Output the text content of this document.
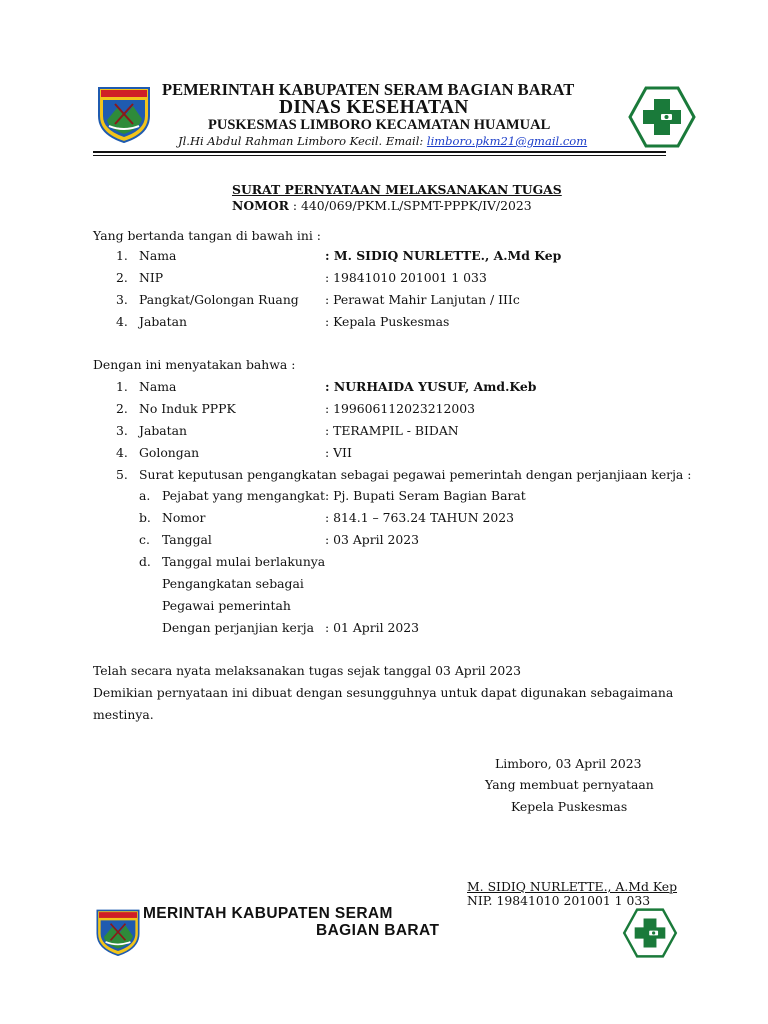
PEMERINTAH KABUPATEN SERAM BAGIAN BARAT
DINAS KESEHATAN
PUSKESMAS LIMBORO KECAMATAN HUAMUAL
Jl.Hi Abdul Rahman Limboro Kecil. Email: limboro.pkm21@gmail.com
SURAT PERNYATAAN MELAKSANAKAN TUGAS
NOMOR : 440/069/PKM.L/SPMT-PPPK/IV/2023
Yang bertanda tangan di bawah ini :
1. Nama	: M. SIDIQ NURLETTE., A.Md Kep
2. NIP	: 19841010 201001 1 033
3. Pangkat/Golongan Ruang : Perawat Mahir Lanjutan / IIIc
4. Jabatan	: Kepala Puskesmas
Dengan ini menyatakan bahwa :
1. Nama	: NURHAIDA YUSUF, Amd.Keb
2. No Induk PPPK	: 199606112023212003
3. Jabatan	: TERAMPIL - BIDAN
4. Golongan	: VII
5. Surat keputusan pengangkatan sebagai pegawai pemerintah dengan perjanjiaan kerja :
a. Pejabat yang mengangkat : Pj. Bupati Seram Bagian Barat
b. Nomor	: 814.1 – 763.24 TAHUN 2023
c. Tanggal	: 03 April 2023
d. Tanggal mulai berlakunya
Pengangkatan sebagai
Pegawai pemerintah
Dengan perjanjian kerja : 01 April 2023
Telah secara nyata melaksanakan tugas sejak tanggal 03 April 2023
Demikian pernyataan ini dibuat dengan sesungguhnya untuk dapat digunakan sebagaimana
mestinya.
Limboro, 03 April 2023
Yang membuat pernyataan
Kepela Puskesmas
M. SIDIQ NURLETTE., A.Md Kep
NIP. 19841010 201001 1 033
MERINTAH KABUPATEN SERAM
BAGIAN BARAT
